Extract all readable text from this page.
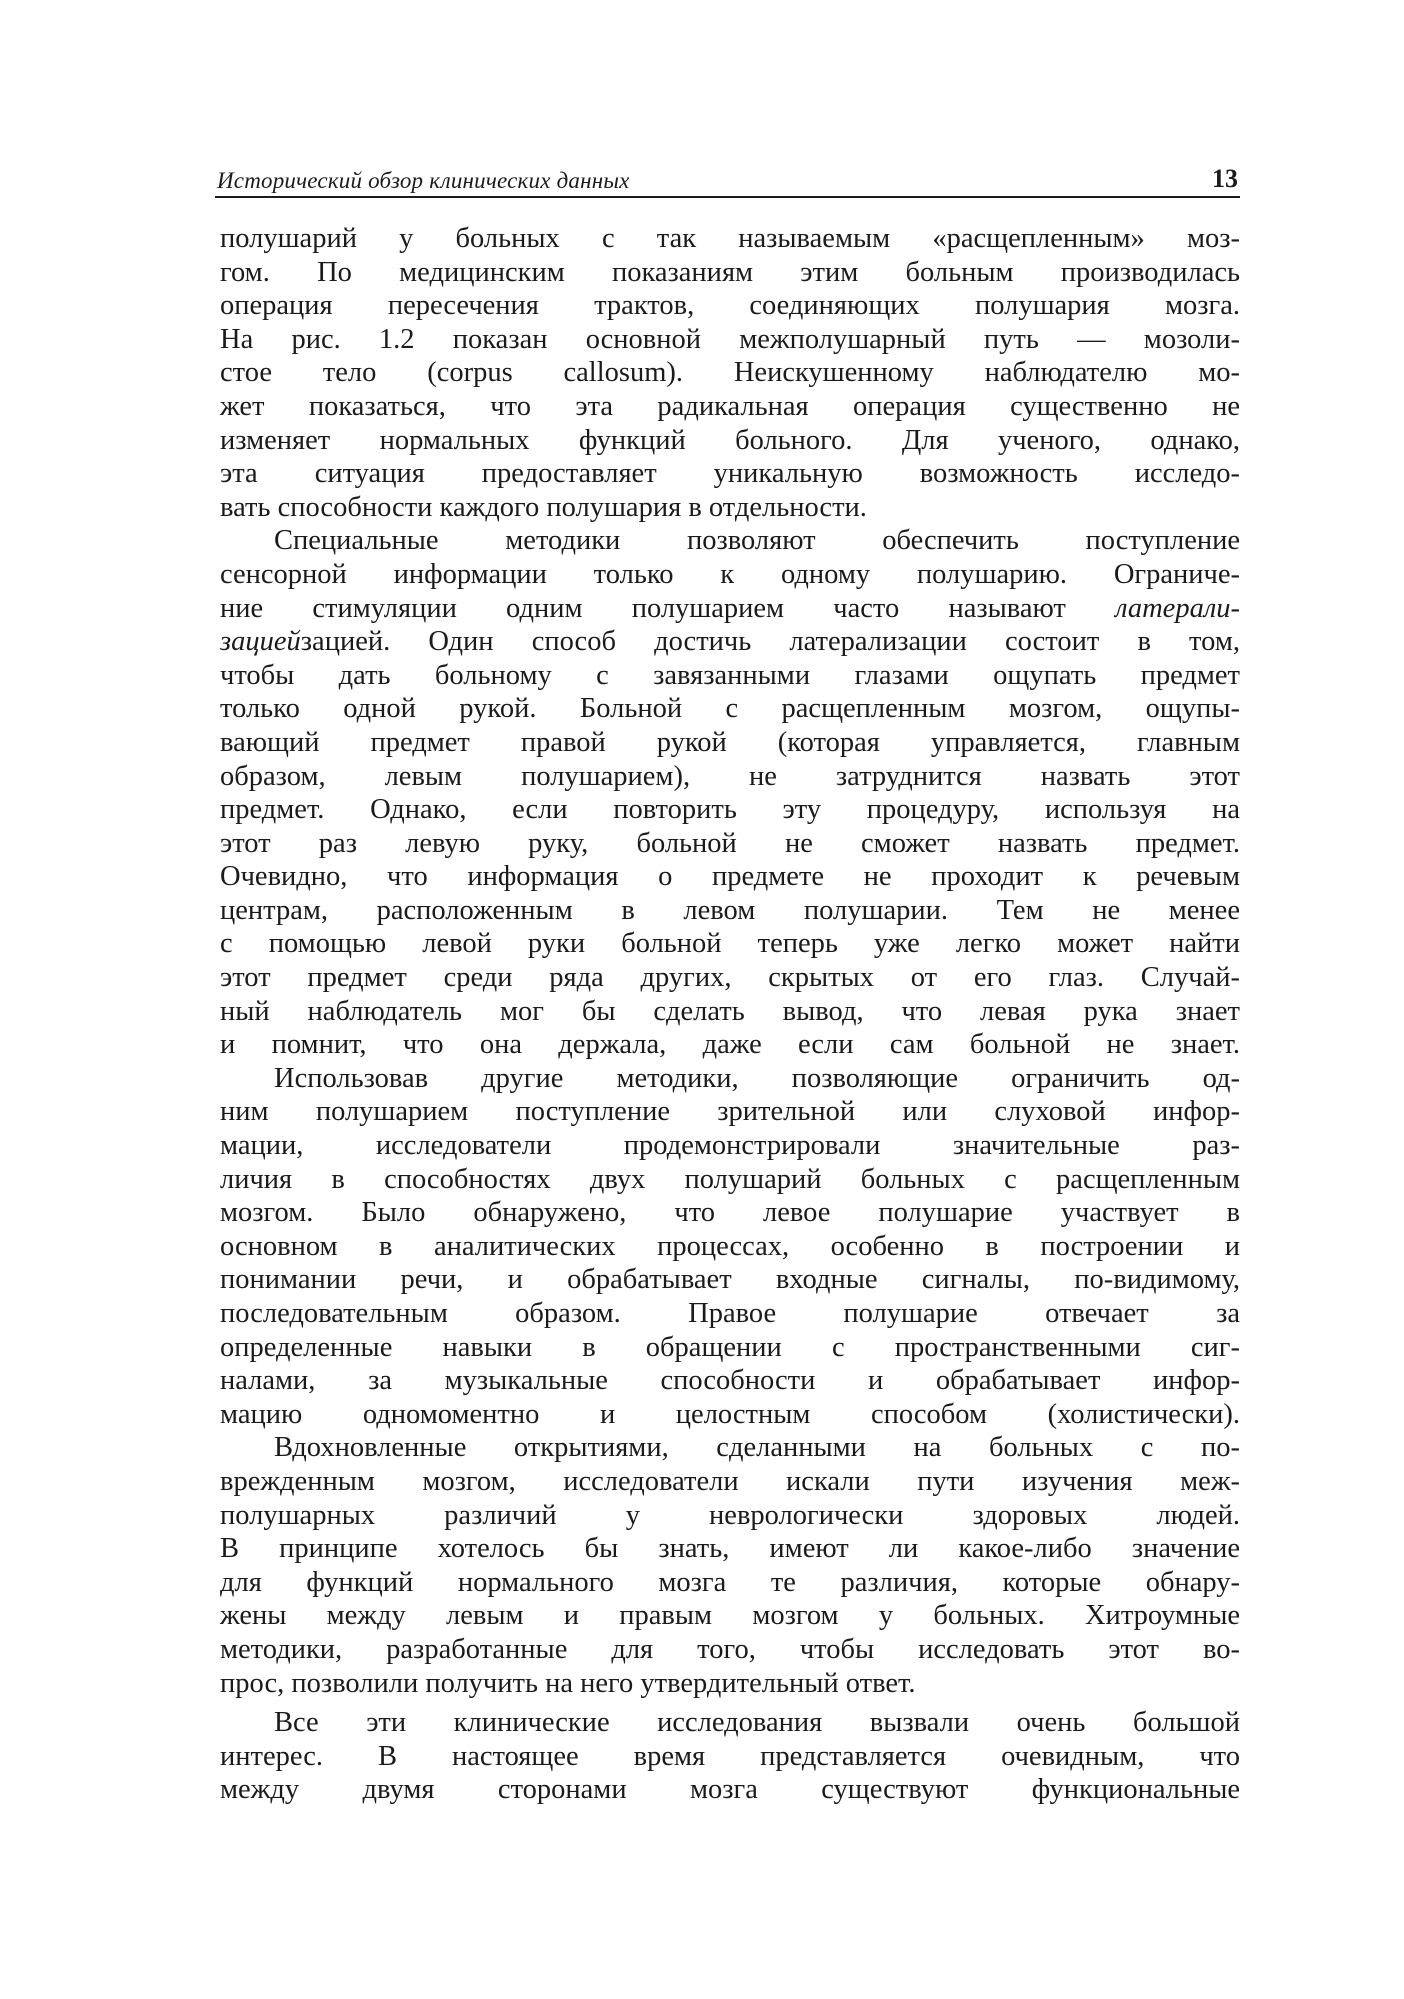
Исторический обзор клинических данных	13

полушарий у больных с так называемым «расщепленным» моз-
гом. По медицинским показаниям этим больным производилась
операция пересечения трактов, соединяющих полушария мозга.
На рис. 1.2 показан основной межполушарный путь — мозоли-
стое тело (corpus callosum). Неискушенному наблюдателю мо-
жет показаться, что эта радикальная операция существенно не
изменяет нормальных функций больного. Для ученого, однако,
эта ситуация предоставляет уникальную возможность исследо-
вать способности каждого полушария в отдельности.

Специальные методики позволяют обеспечить поступление
сенсорной информации только к одному полушарию. Ограниче-
ние стимуляции одним полушарием часто называют латерали-
зациейзацией. Один способ достичь латерализации состоит в том,
чтобы дать больному с завязанными глазами ощупать предмет
только одной рукой. Больной с расщепленным мозгом, ощупы-
вающий предмет правой рукой (которая управляется, главным
образом, левым полушарием), не затруднится назвать этот
предмет. Однако, если повторить эту процедуру, используя на
этот раз левую руку, больной не сможет назвать предмет.
Очевидно, что информация о предмете не проходит к речевым
центрам, расположенным в левом полушарии. Тем не менее
с помощью левой руки больной теперь уже легко может найти
этот предмет среди ряда других, скрытых от его глаз. Случай-
ный наблюдатель мог бы сделать вывод, что левая рука знает
и помнит, что она держала, даже если сам больной не знает.

Использовав другие методики, позволяющие ограничить од-
ним полушарием поступление зрительной или слуховой инфор-
мации, исследователи продемонстрировали значительные раз-
личия в способностях двух полушарий больных с расщепленным
мозгом. Было обнаружено, что левое полушарие участвует в
основном в аналитических процессах, особенно в построении и
понимании речи, и обрабатывает входные сигналы, по-видимому,
последовательным образом. Правое полушарие отвечает за
определенные навыки в обращении с пространственными сиг-
налами, за музыкальные способности и обрабатывает инфор-
мацию одномоментно и целостным способом (холистически).

Вдохновленные открытиями, сделанными на больных с по-
врежденным мозгом, исследователи искали пути изучения меж-
полушарных различий у неврологически здоровых людей.
В принципе хотелось бы знать, имеют ли какое-либо значение
для функций нормального мозга те различия, которые обнару-
жены между левым и правым мозгом у больных. Хитроумные
методики, разработанные для того, чтобы исследовать этот во-
прос, позволили получить на него утвердительный ответ.

Все эти клинические исследования вызвали очень большой
интерес. В настоящее время представляется очевидным, что
между двумя сторонами мозга существуют функциональные
